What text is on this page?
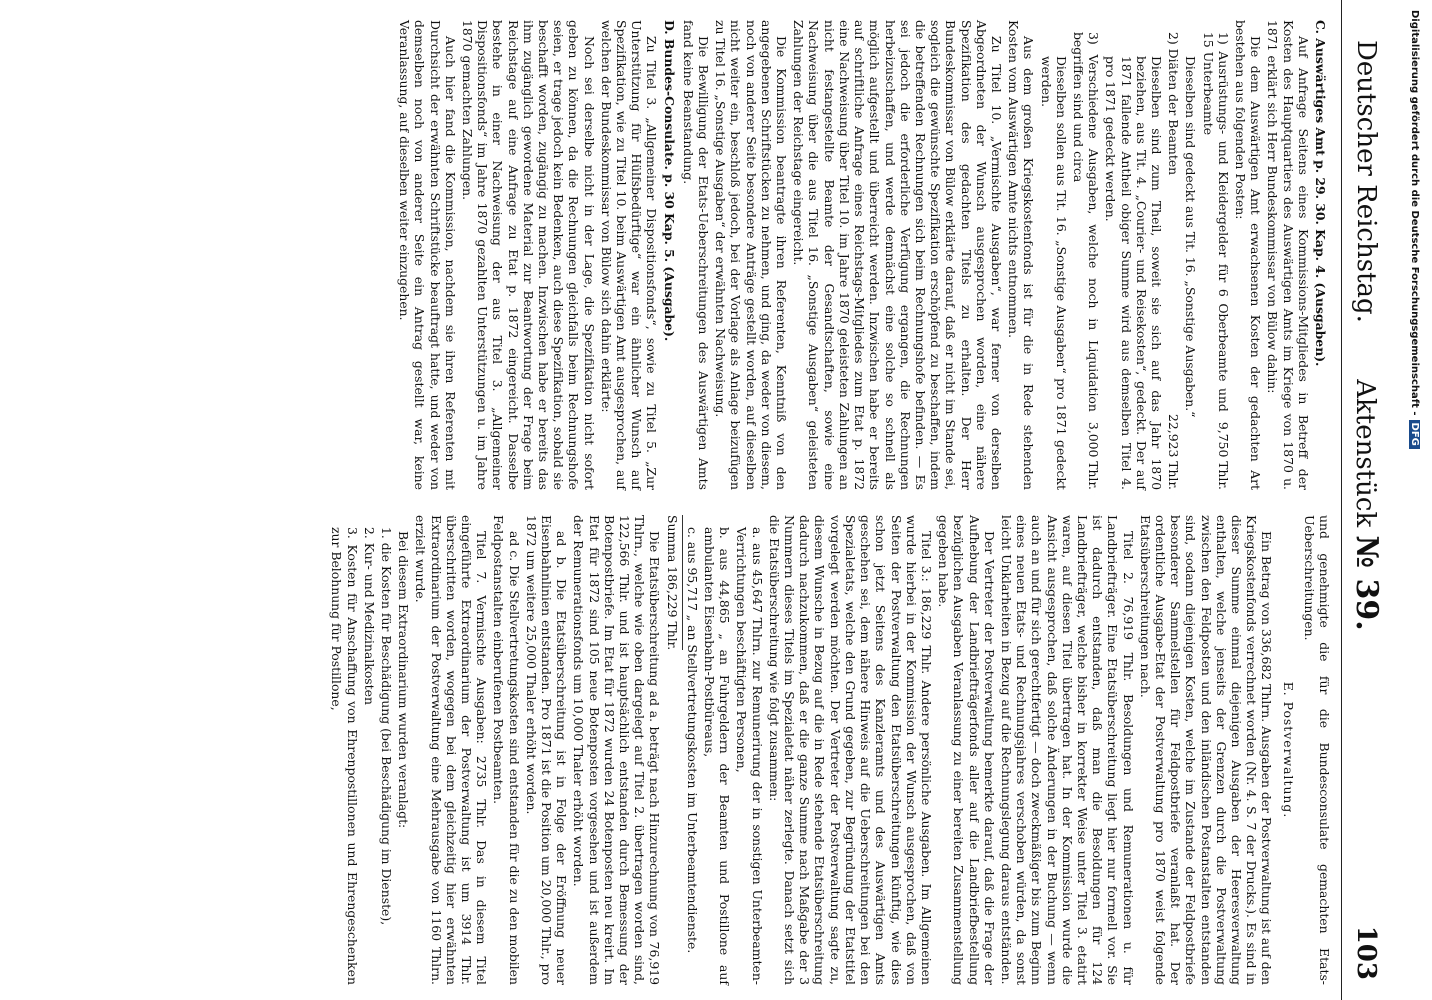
Deutscher Reichstag.
Aktenstück № 39.
103

C. Auswärtiges Amt p. 29. 30. Kap. 4. (Ausgaben).

Auf Anfrage Seitens eines Kommissions-Mitgliedes in Betreff der Kosten des Hauptquartiers des Auswärtigen Amts im Kriege von 1870 u. 1871 erklärt sich Herr Bundeskommissar von Bülow dahin:

Die dem Auswärtigen Amt erwachsenen Kosten der gedachten Art bestehen aus folgenden Posten:

1) Ausrüstungs- und Kleidergelder für 6 Oberbeamte und 15 Unterbeamte
9,750 Thlr.

Dieselben sind gedeckt aus Tit. 16. „Sonstige Ausgaben.“

2) Diäten der Beamten
22,923 Thlr.

Dieselben sind zum Theil, soweit sie sich auf das Jahr 1870 beziehen, aus Tit. 4. „Courier- und Reisekosten“, gedeckt. Der auf 1871 fallende Antheil obiger Summe wird aus demselben Titel 4. pro 1871 gedeckt werden.

3) Verschiedene Ausgaben, welche noch in Liquidation begriffen sind und circa
3,000 Thlr.

Dieselben sollen aus Tit. 16. „Sonstige Ausgaben“ pro 1871 gedeckt werden.

Aus dem großen Kriegskostenfonds ist für die in Rede stehenden Kosten vom Auswärtigen Amte nichts entnommen.

Zu Titel 10. „Vermischte Ausgaben“, war ferner von derselben Abgeordneten der Wunsch ausgesprochen worden, eine nähere Spezifikation des gedachten Titels zu erhalten. Der Herr Bundeskommissar von Bülow erklärte darauf, daß er nicht im Stande sei, sogleich die gewünschte Spezifikation erschöpfend zu beschaffen, indem die betreffenden Rechnungen sich beim Rechnungshofe befinden. — Es sei jedoch die erforderliche Verfügung ergangen, die Rechnungen herbeizuschaffen, und werde demnächst eine solche so schnell als möglich aufgestellt und überreicht werden. Inzwischen habe er bereits auf schriftliche Anfrage eines Reichstags-Mitgliedes zum Etat p. 1872 eine Nachweisung über Titel 10. im Jahre 1870 geleisteten Zahlungen an nicht festangestellte Beamte der Gesandtschaften, sowie eine Nachweisung über die aus Titel 16. „Sonstige Ausgaben“ geleisteten Zahlungen der Reichstage eingereicht.

Die Kommission beantragte ihren Referenten, Kenntniß von den angegebenen Schriftstücken zu nehmen, und ging, da weder von diesem, noch von anderer Seite besondere Anträge gestellt worden, auf dieselben nicht weiter ein, beschloß jedoch, bei der Vorlage als Anlage beizufügen zu Titel 16. „Sonstige Ausgaben“ der erwähnten Nachweisung.

Die Bewilligung der Etats-Ueberschreitungen des Auswärtigen Amts fand keine Beanstandung.

D. Bundes-Consulate. p. 30 Kap. 5. (Ausgabe).

Zu Titel 3. „Allgemeiner Dispositionsfonds“, sowie zu Titel 5. „Zur Unterstützung für Hülfsbedürftige“ war ein ähnlicher Wunsch auf Spezifikation, wie zu Titel 10. beim Auswärtigen Amt ausgesprochen, auf welchen der Bundeskommissar von Bülow sich dahin erklärte:

Noch sei derselbe nicht in der Lage, die Spezifikation nicht sofort geben zu können, da die Rechnungen gleichfalls beim Rechnungshofe seien, er trage jedoch kein Bedenken, auch diese Spezifikation, sobald sie beschafft worden, zugängig zu machen. Inzwischen habe er bereits das ihm zugänglich gewordene Material zur Beantwortung der Frage beim Reichstage auf eine Anfrage zu Etat p. 1872 eingereicht. Dasselbe bestehe in einer Nachweisung der aus Titel 3. „Allgemeiner Dispositionsfonds“ im Jahre 1870 gezahlten Unterstützungen u. im Jahre 1870 gemachten Zahlungen.

Auch hier fand die Kommission, nachdem sie ihren Referenten mit Durchsicht der erwähnten Schriftstücke beauftragt hatte, und weder von demselben noch von anderer Seite ein Antrag gestellt war, keine Veranlassung, auf dieselben weiter einzugehen.

und genehmigte die für die Bundesconsulate gemachten Etats-Ueberschreitungen.

E. Postverwaltung.

Ein Betrag von 336,682 Thlrn. Ausgaben der Postverwaltung ist auf den Kriegskostenfonds verrechnet worden (Nr. 4. S. 7 der Drucks.). Es sind in dieser Summe einmal diejenigen Ausgaben der Heeresverwaltung enthalten, welche jenseits der Grenzen durch die Postverwaltung zwischen den Feldposten und den inländischen Postanstalten entstanden sind, sodann diejenigen Kosten, welche im Zustande der Feldpostbriefe besonderer Sammelstellen für Feldpostbriefe veranlaßt hat. Der ordentliche Ausgabe-Etat der Postverwaltung pro 1870 weist folgende Etatsüberschreitungen nach.

Titel 2. 76,919 Thlr. Besoldungen und Remunerationen u. für Landbriefträger. Eine Etatsüberschreitung liegt hier nur formell vor. Sie ist dadurch entstanden, daß man die Besoldungen für 124 Landbriefträger, welche bisher in korrekter Weise unter Titel 3. etatirt waren, auf diesen Titel übertragen hat. In der Kommission wurde die Ansicht ausgesprochen, daß solche Änderungen in der Buchung — wenn auch an und für sich gerechtfertigt — doch zweckmäßiger bis zum Beginn eines neuen Etats- und Rechnungsjahres verschoben würden, da sonst leicht Unklarheiten in Bezug auf die Rechnungslegung daraus entständen.

Der Vertreter der Postverwaltung bemerkte darauf, daß die Frage der Aufhebung der Landbriefträgerfonds aller auf die Landbriefbestellung bezüglichen Ausgaben Veranlassung zu einer bereiten Zusammenstellung gegeben habe.

Titel 3.: 186,229 Thlr. Andere persönliche Ausgaben. Im Allgemeinen wurde hierbei in der Kommission der Wunsch ausgesprochen, daß von Seiten der Postverwaltung den Etatsüberschreitungen künftig, wie dies schon jetzt Seitens des Kanzleramts und des Auswärtigen Amts geschehen sei, dem nähere Hinweis auf die Ueberschreitungen bei den Spezialetats, welche den Grund gegeben, zur Begründung der Etatstitel vorgelegt werden möchten. Der Vertreter der Postverwaltung sagte zu, diesem Wunsche in Bezug auf die in Rede stehende Etatsüberschreitung dadurch nachzukommen, daß er die ganze Summe nach Maßgabe der 3 Nummern dieses Titels im Spezialetat näher zerlegte. Danach setzt sich die Etatsüberschreitung wie folgt zusammen:

a. aus 45,647 Thlrn. zur Remunerirung der in sonstigen Unterbeamten-Verrichtungen beschäftigten Personen,

b. aus 44,865 „ an Fuhrgeldern der Beamten und Postillone auf ambulanten Eisenbahn-Postbüreaus,

c. aus 95,717 „ an Stellvertretungskosten im Unterbeamtendienste.

Summa 186,229 Thlr.

Die Etatsüberschreitung ad a. beträgt nach Hinzurechnung von 76,919 Thlrn., welche wie oben dargelegt auf Titel 2. übertragen worden sind, 122,566 Thlr. und ist hauptsächlich entstanden durch Bemessung der Botenpostbriefe. Im Etat für 1872 wurden 24 Botenposten neu kreirt. Im Etat für 1872 sind 105 neue Botenposten vorgesehen und ist außerdem der Remunerationsfonds um 10,000 Thaler erhöht worden.

ad b. Die Etatsüberschreitung ist in Folge der Eröffnung neuer Eisenbahnlinien entstanden. Pro 1871 ist die Position um 20,000 Thlr., pro 1872 um weitere 25,000 Thaler erhöht worden.

ad c. Die Stellvertretungskosten sind entstanden für die zu den mobilen Feldpostanstalten einberufenen Postbeamten.

Titel 7. Vermischte Ausgaben: 2735 Thlr. Das in diesem Titel eingeführte Extraordinarium der Postverwaltung ist um 3914 Thlr. überschritten worden, wogegen bei dem gleichzeitig hier erwähnten Extraordinarium der Postverwaltung eine Mehrausgabe von 1160 Thlrn. erzielt wurde.

Bei diesem Extraordinarium wurden veranlagt:

1. die Kosten für Beschädigung (bei Beschädigung im Dienste),

2. Kur- und Medizinalkosten

3. Kosten für Anschaffung von Ehrenpostillonen und Ehrengeschenken zur Belohnung für Postillone,

Digitalisierung gefördert durch die Deutsche Forschungsgemeinschaft -DFG
